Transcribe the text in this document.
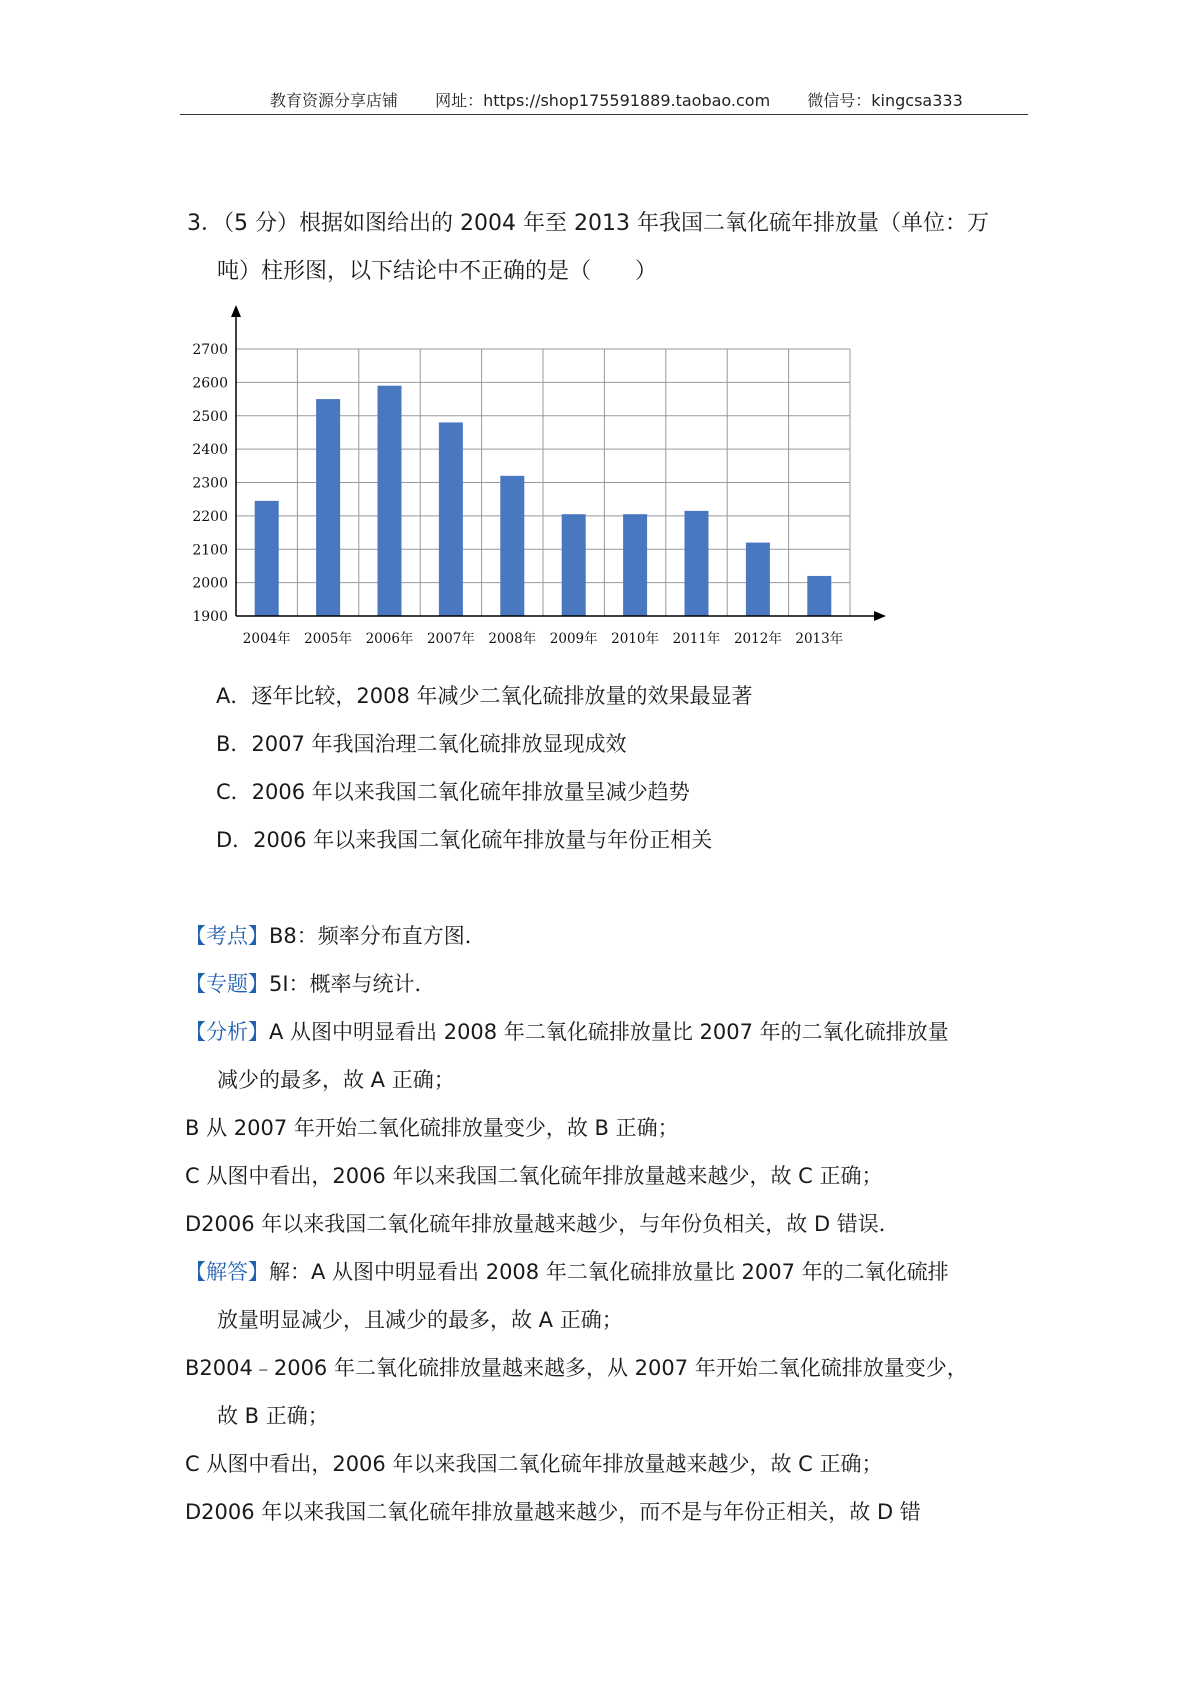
教育资源分享店铺 网址：https://shop175591889.taobao.com 微信号：kingcsa333
3．（5 分）根据如图给出的 2004 年至 2013 年我国二氧化硫年排放量（单位：万
吨）柱形图，以下结论中不正确的是（　　）
1900
2000
2100
2200
2300
2400
2500
2600
2700
2004年 2005年 2006年 2007年 2008年 2009年 2010年 2011年 2012年 2013年
A．逐年比较，2008 年减少二氧化硫排放量的效果最显著
B．2007 年我国治理二氧化硫排放显现成效
C．2006 年以来我国二氧化硫年排放量呈减少趋势
D．2006 年以来我国二氧化硫年排放量与年份正相关
【考点】B8：频率分布直方图．
【专题】5I：概率与统计．
【分析】A 从图中明显看出 2008 年二氧化硫排放量比 2007 年的二氧化硫排放量
减少的最多，故 A 正确；
B 从 2007 年开始二氧化硫排放量变少，故 B 正确；
C 从图中看出，2006 年以来我国二氧化硫年排放量越来越少，故 C 正确；
D2006 年以来我国二氧化硫年排放量越来越少，与年份负相关，故 D 错误．
【解答】解：A 从图中明显看出 2008 年二氧化硫排放量比 2007 年的二氧化硫排
放量明显减少，且减少的最多，故 A 正确；
B2004﹣2006 年二氧化硫排放量越来越多，从 2007 年开始二氧化硫排放量变少，
故 B 正确；
C 从图中看出，2006 年以来我国二氧化硫年排放量越来越少，故 C 正确；
D2006 年以来我国二氧化硫年排放量越来越少，而不是与年份正相关，故 D 错
